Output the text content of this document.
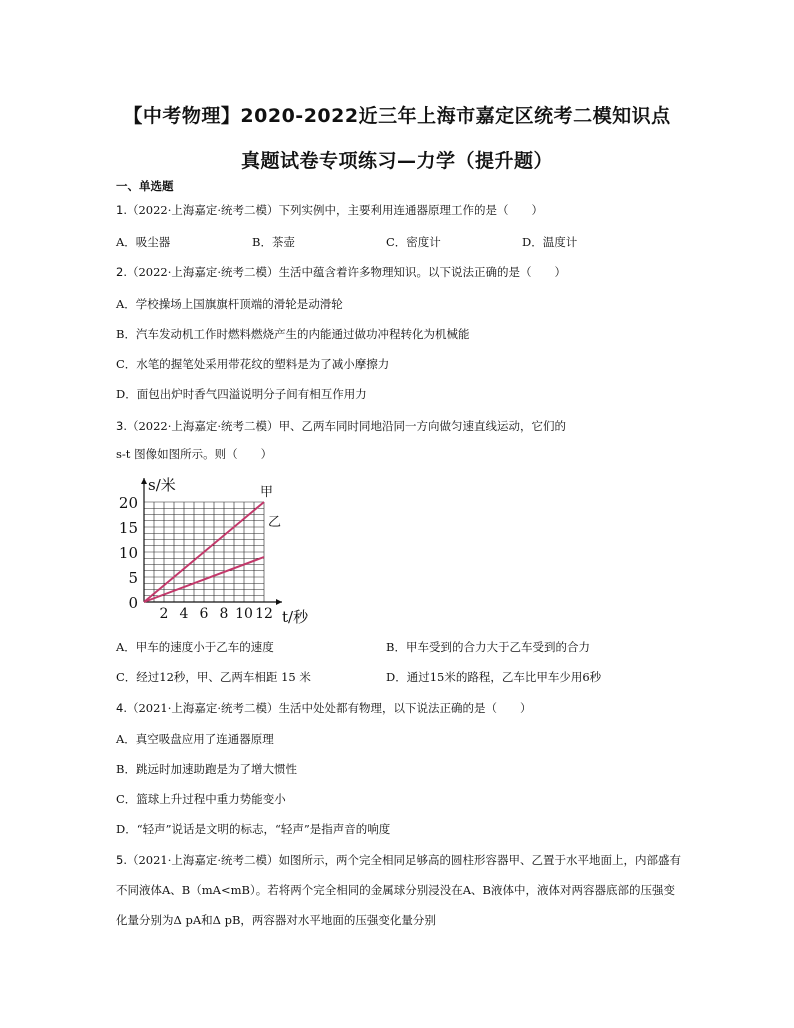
【中考物理】2020-2022近三年上海市嘉定区统考二模知识点
真题试卷专项练习—力学（提升题）
一、单选题
1.（2022·上海嘉定·统考二模）下列实例中，主要利用连通器原理工作的是（　　）
A．吸尘器	B．茶壶	C．密度计	D．温度计
2.（2022·上海嘉定·统考二模）生活中蕴含着许多物理知识。以下说法正确的是（　　）
A．学校操场上国旗旗杆顶端的滑轮是动滑轮
B．汽车发动机工作时燃料燃烧产生的内能通过做功冲程转化为机械能
C．水笔的握笔处采用带花纹的塑料是为了减小摩擦力
D．面包出炉时香气四溢说明分子间有相互作用力
3.（2022·上海嘉定·统考二模）甲、乙两车同时同地沿同一方向做匀速直线运动，它们的
s-t 图像如图所示。则（　　）
甲
乙
0
5
10
15
20
2 4 6 8 10 12
s/米
t/秒
A．甲车的速度小于乙车的速度	B．甲车受到的合力大于乙车受到的合力
C．经过12秒，甲、乙两车相距 15 米	D．通过15米的路程，乙车比甲车少用6秒
4.（2021·上海嘉定·统考二模）生活中处处都有物理，以下说法正确的是（　　）
A．真空吸盘应用了连通器原理
B．跳远时加速助跑是为了增大惯性
C．篮球上升过程中重力势能变小
D．“轻声”说话是文明的标志，“轻声”是指声音的响度
5.（2021·上海嘉定·统考二模）如图所示，两个完全相同足够高的圆柱形容器甲、乙置于水平地面上，内部盛有不同液体A、B（mA<mB）。若将两个完全相同的金属球分别浸没在A、B液体中，液体对两容器底部的压强变化量分别为Δ pA和Δ pB，两容器对水平地面的压强变化量分别
